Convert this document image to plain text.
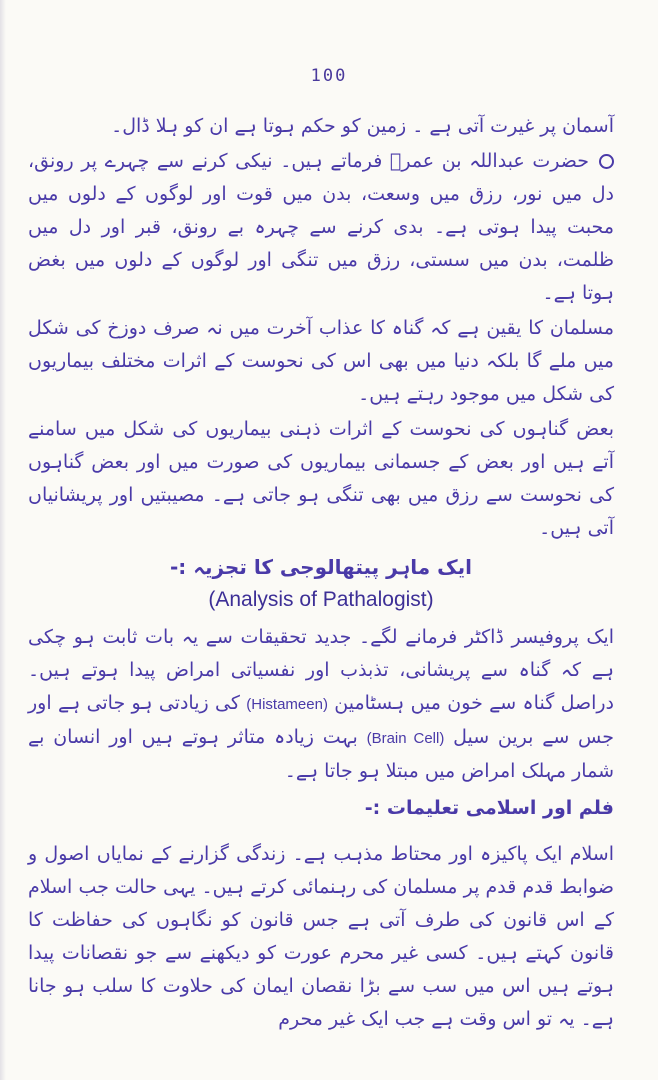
100

آسمان پر غیرت آتی ہے ۔ زمین کو حکم ہوتا ہے ان کو ہلا ڈال۔

حضرت عبداللہ بن عمرؓ فرماتے ہیں۔ نیکی کرنے سے چہرے پر رونق، دل میں نور، رزق میں وسعت، بدن میں قوت اور لوگوں کے دلوں میں محبت پیدا ہوتی ہے۔ بدی کرنے سے چہرہ بے رونق، قبر اور دل میں ظلمت، بدن میں سستی، رزق میں تنگی اور لوگوں کے دلوں میں بغض ہوتا ہے۔

مسلمان کا یقین ہے کہ گناہ کا عذاب آخرت میں نہ صرف دوزخ کی شکل میں ملے گا بلکہ دنیا میں بھی اس کی نحوست کے اثرات مختلف بیماریوں کی شکل میں موجود رہتے ہیں۔

بعض گناہوں کی نحوست کے اثرات ذہنی بیماریوں کی شکل میں سامنے آتے ہیں اور بعض کے جسمانی بیماریوں کی صورت میں اور بعض گناہوں کی نحوست سے رزق میں بھی تنگی ہو جاتی ہے۔ مصیبتیں اور پریشانیاں آتی ہیں۔

ایک ماہر پیتھالوجی کا تجزیہ :-
(Analysis of Pathalogist)

ایک پروفیسر ڈاکٹر فرمانے لگے۔ جدید تحقیقات سے یہ بات ثابت ہو چکی ہے کہ گناہ سے پریشانی، تذبذب اور نفسیاتی امراض پیدا ہوتے ہیں۔ دراصل گناہ سے خون میں ہسٹامین (Histameen) کی زیادتی ہو جاتی ہے اور جس سے برین سیل (Brain Cell) بہت زیادہ متاثر ہوتے ہیں اور انسان بے شمار مہلک امراض میں مبتلا ہو جاتا ہے۔

فلم اور اسلامی تعلیمات :-

اسلام ایک پاکیزہ اور محتاط مذہب ہے۔ زندگی گزارنے کے نمایاں اصول و ضوابط قدم قدم پر مسلمان کی رہنمائی کرتے ہیں۔ یہی حالت جب اسلام کے اس قانون کی طرف آتی ہے جس قانون کو نگاہوں کی حفاظت کا قانون کہتے ہیں۔ کسی غیر محرم عورت کو دیکھنے سے جو نقصانات پیدا ہوتے ہیں اس میں سب سے بڑا نقصان ایمان کی حلاوت کا سلب ہو جانا ہے۔ یہ تو اس وقت ہے جب ایک غیر محرم
